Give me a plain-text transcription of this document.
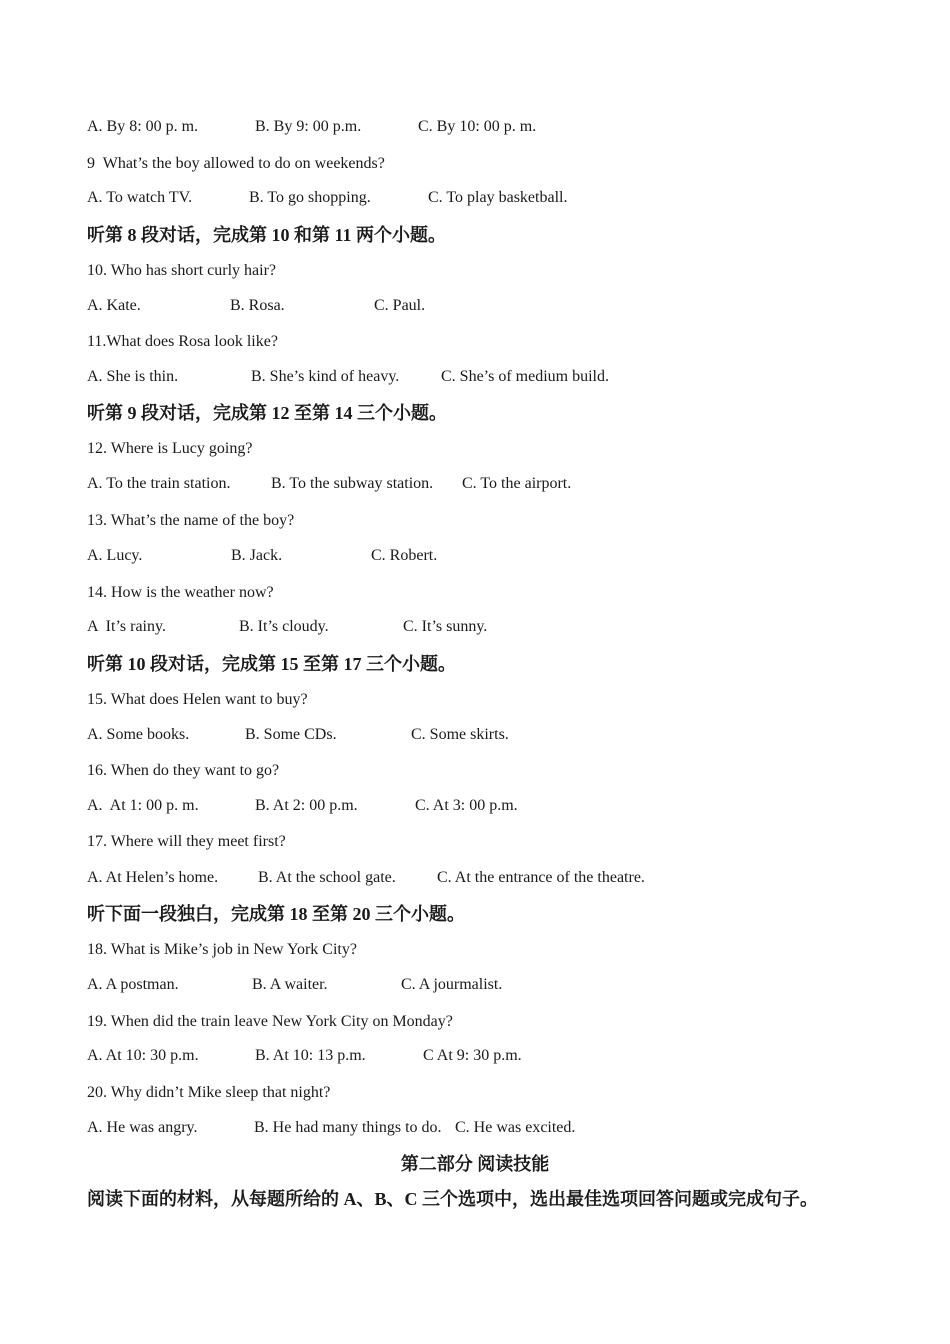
A. By 8: 00 p. m.	B. By 9: 00 p.m.	C. By 10: 00 p. m.
9  What’s the boy allowed to do on weekends?
A. To watch TV.	B. To go shopping.	C. To play basketball.
听第 8 段对话，完成第 10 和第 11 两个小题。
10. Who has short curly hair?
A. Kate.	B. Rosa.	C. Paul.
11.What does Rosa look like?
A. She is thin.	B. She’s kind of heavy.	C. She’s of medium build.
听第 9 段对话，完成第 12 至第 14 三个小题。
12. Where is Lucy going?
A. To the train station.	B. To the subway station. C. To the airport.
13. What’s the name of the boy?
A. Lucy.	B. Jack.	C. Robert.
14. How is the weather now?
A  It’s rainy.	B. It’s cloudy.	C. It’s sunny.
听第 10 段对话，完成第 15 至第 17 三个小题。
15. What does Helen want to buy?
A. Some books.	B. Some CDs.	C. Some skirts.
16. When do they want to go?
A.  At 1: 00 p. m.	B. At 2: 00 p.m.	C. At 3: 00 p.m.
17. Where will they meet first?
A. At Helen’s home. B. At the school gate.	C. At the entrance of the theatre.
听下面一段独白，完成第 18 至第 20 三个小题。
18. What is Mike’s job in New York City?
A. A postman.	B. A waiter.	C. A jourmalist.
19. When did the train leave New York City on Monday?
A. At 10: 30 p.m.	B. At 10: 13 p.m.	C At 9: 30 p.m.
20. Why didn’t Mike sleep that night?
A. He was angry.	B. He had many things to do. C. He was excited.
第二部分 阅读技能
阅读下面的材料，从每题所给的 A、B、C 三个选项中，选出最佳选项回答问题或完成句子。
